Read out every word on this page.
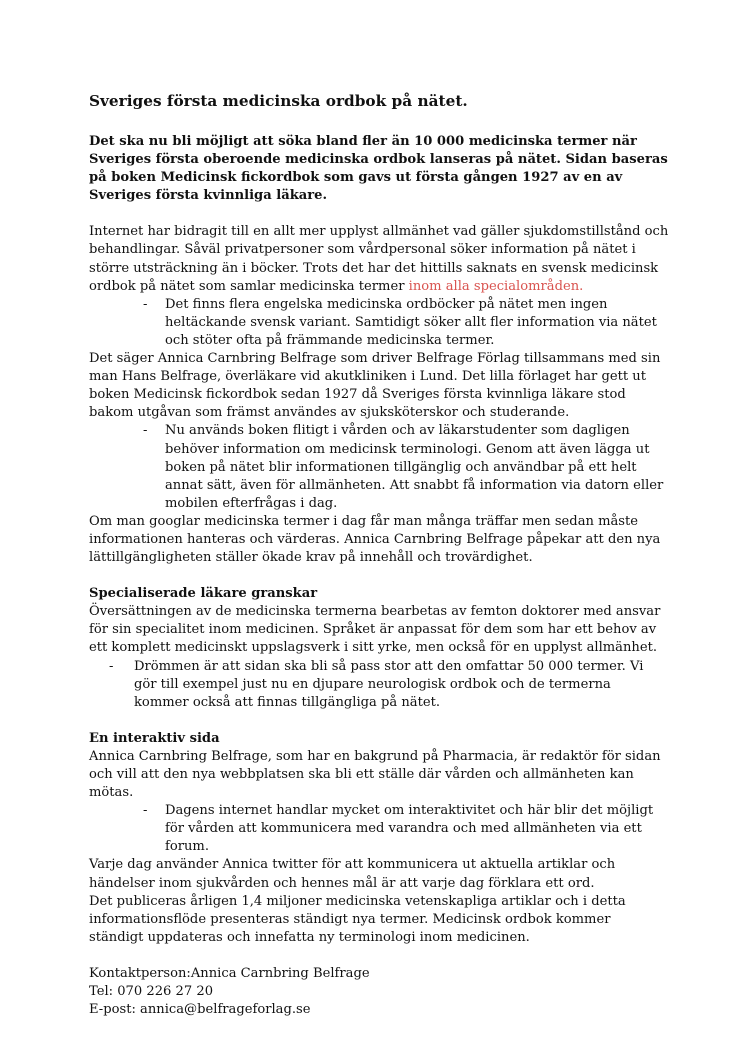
Sveriges första medicinska ordbok på nätet.

Det ska nu bli möjligt att söka bland fler än 10 000 medicinska termer när Sveriges första oberoende medicinska ordbok lanseras på nätet. Sidan baseras på boken Medicinsk fickordbok som gavs ut första gången 1927 av en av Sveriges första kvinnliga läkare.

Internet har bidragit till en allt mer upplyst allmänhet vad gäller sjukdomstillstånd och behandlingar. Såväl privatpersoner som vårdpersonal söker information på nätet i större utsträckning än i böcker. Trots det har det hittills saknats en svensk medicinsk ordbok på nätet som samlar medicinska termer inom alla specialområden.

- Det finns flera engelska medicinska ordböcker på nätet men ingen heltäckande svensk variant. Samtidigt söker allt fler information via nätet och stöter ofta på främmande medicinska termer.

Det säger Annica Carnbring Belfrage som driver Belfrage Förlag tillsammans med sin man Hans Belfrage, överläkare vid akutkliniken i Lund. Det lilla förlaget har gett ut boken Medicinsk fickordbok sedan 1927 då Sveriges första kvinnliga läkare stod bakom utgåvan som främst användes av sjuksköterskor och studerande.

- Nu används boken flitigt i vården och av läkarstudenter som dagligen behöver information om medicinsk terminologi. Genom att även lägga ut boken på nätet blir informationen tillgänglig och användbar på ett helt annat sätt, även för allmänheten. Att snabbt få information via datorn eller mobilen efterfrågas i dag.

Om man googlar medicinska termer i dag får man många träffar men sedan måste informationen hanteras och värderas. Annica Carnbring Belfrage påpekar att den nya lättillgängligheten ställer ökade krav på innehåll och trovärdighet.

Specialiserade läkare granskar

Översättningen av de medicinska termerna bearbetas av femton doktorer med ansvar för sin specialitet inom medicinen. Språket är anpassat för dem som har ett behov av ett komplett medicinskt uppslagsverk i sitt yrke, men också för en upplyst allmänhet.

- Drömmen är att sidan ska bli så pass stor att den omfattar 50 000 termer. Vi gör till exempel just nu en djupare neurologisk ordbok och de termerna kommer också att finnas tillgängliga på nätet.
En interaktiv sida

Annica Carnbring Belfrage, som har en bakgrund på Pharmacia, är redaktör för sidan och vill att den nya webbplatsen ska bli ett ställe där vården och allmänheten kan mötas.

- Dagens internet handlar mycket om interaktivitet och här blir det möjligt för vården att kommunicera med varandra och med allmänheten via ett forum.

Varje dag använder Annica twitter för att kommunicera ut aktuella artiklar och händelser inom sjukvården och hennes mål är att varje dag förklara ett ord.

Det publiceras årligen 1,4 miljoner medicinska vetenskapliga artiklar och i detta informationsflöde presenteras ständigt nya termer. Medicinsk ordbok kommer ständigt uppdateras och innefatta ny terminologi inom medicinen.

Kontaktperson:Annica Carnbring Belfrage

Tel: 070 226 27 20

E-post: annica@belfrageforlag.se
